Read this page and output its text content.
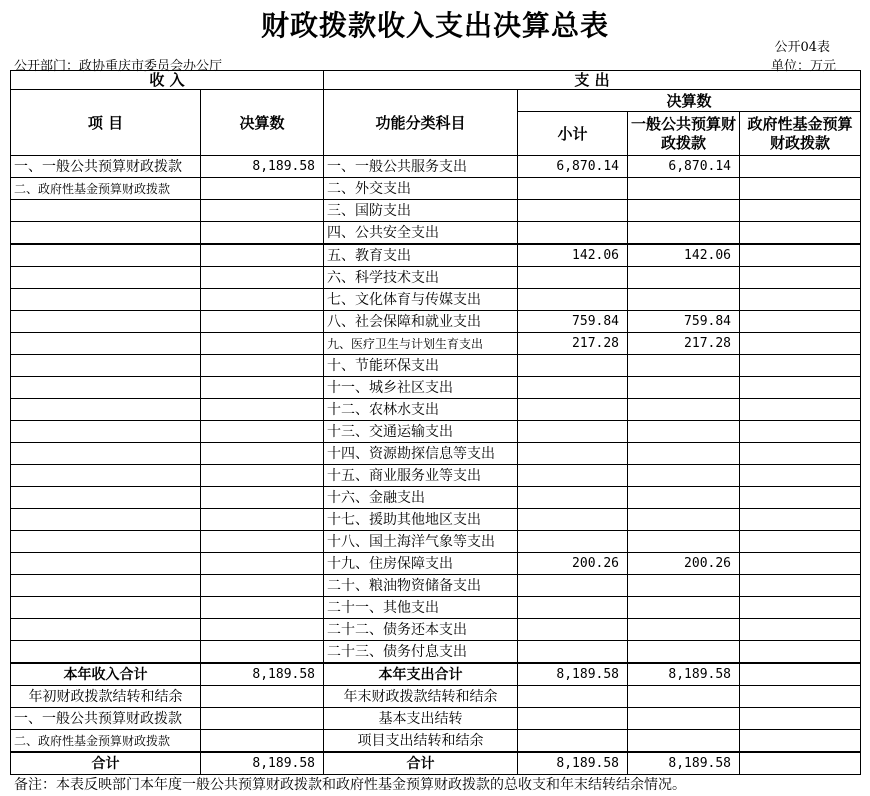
财政拨款收入支出决算总表
公开04表
公开部门：政协重庆市委员会办公厅	单位：万元
收 入		支 出			
项 目	决算数	功能分类科目	决算数		
			小计	一般公共预算财政拨款	政府性基金预算财政拨款
一、一般公共预算财政拨款	8,189.58	一、一般公共服务支出	6,870.14	6,870.14	
二、政府性基金预算财政拨款		二、外交支出			
		三、国防支出			
		四、公共安全支出			
		五、教育支出	142.06	142.06	
		六、科学技术支出			
		七、文化体育与传媒支出			
		八、社会保障和就业支出	759.84	759.84	
		九、医疗卫生与计划生育支出	217.28	217.28	
		十、节能环保支出			
		十一、城乡社区支出			
		十二、农林水支出			
		十三、交通运输支出			
		十四、资源勘探信息等支出			
		十五、商业服务业等支出			
		十六、金融支出			
		十七、援助其他地区支出			
		十八、国土海洋气象等支出			
		十九、住房保障支出	200.26	200.26	
		二十、粮油物资储备支出			
		二十一、其他支出			
		二十二、债务还本支出			
		二十三、债务付息支出			
本年收入合计	8,189.58	本年支出合计	8,189.58	8,189.58	
年初财政拨款结转和结余		年末财政拨款结转和结余			
一、一般公共预算财政拨款		基本支出结转			
二、政府性基金预算财政拨款		项目支出结转和结余			
合计	8,189.58	合计	8,189.58	8,189.58	
备注：本表反映部门本年度一般公共预算财政拨款和政府性基金预算财政拨款的总收支和年末结转结余情况。
